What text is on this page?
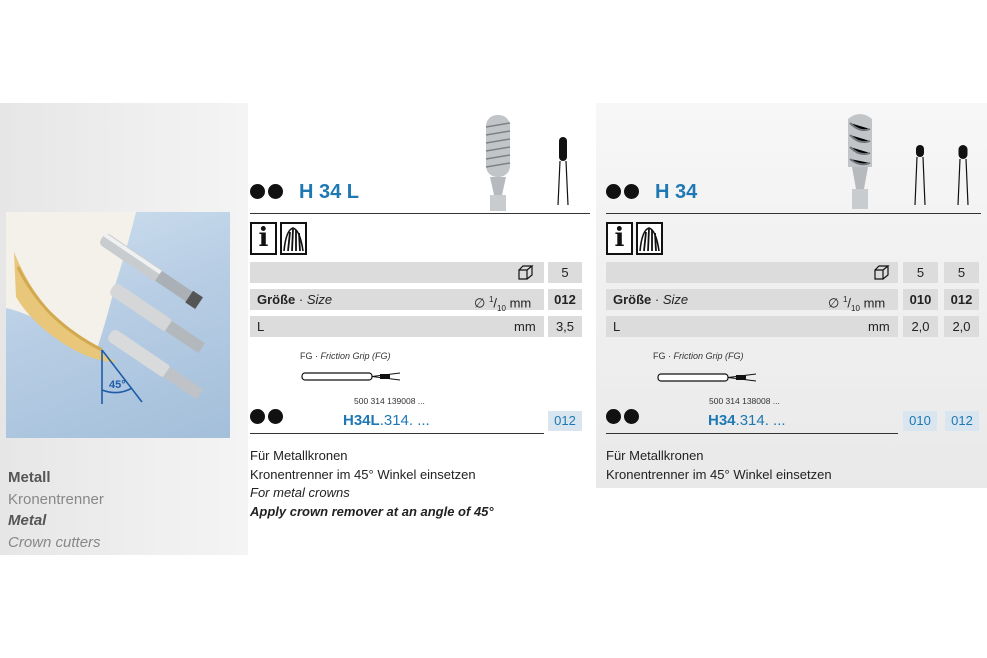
45°
Metall
Kronentrenner
Metal
Crown cutters
H 34 L
i
5
Größe · Size	∅ $^1/_{10}$ mm	012
L	mm	3,5
FG · Friction Grip (FG)
500 314 139008 ...
H34L.314. ...	012
Für Metallkronen
Kronentrenner im 45° Winkel einsetzen
For metal crowns
Apply crown remover at an angle of 45°
H 34
i
5	5
Größe · Size	∅ $^1/_{10}$ mm	010	012
L	mm	2,0	2,0
FG · Friction Grip (FG)
500 314 138008 ...
H34.314. ...	010	012
Für Metallkronen
Kronentrenner im 45° Winkel einsetzen
